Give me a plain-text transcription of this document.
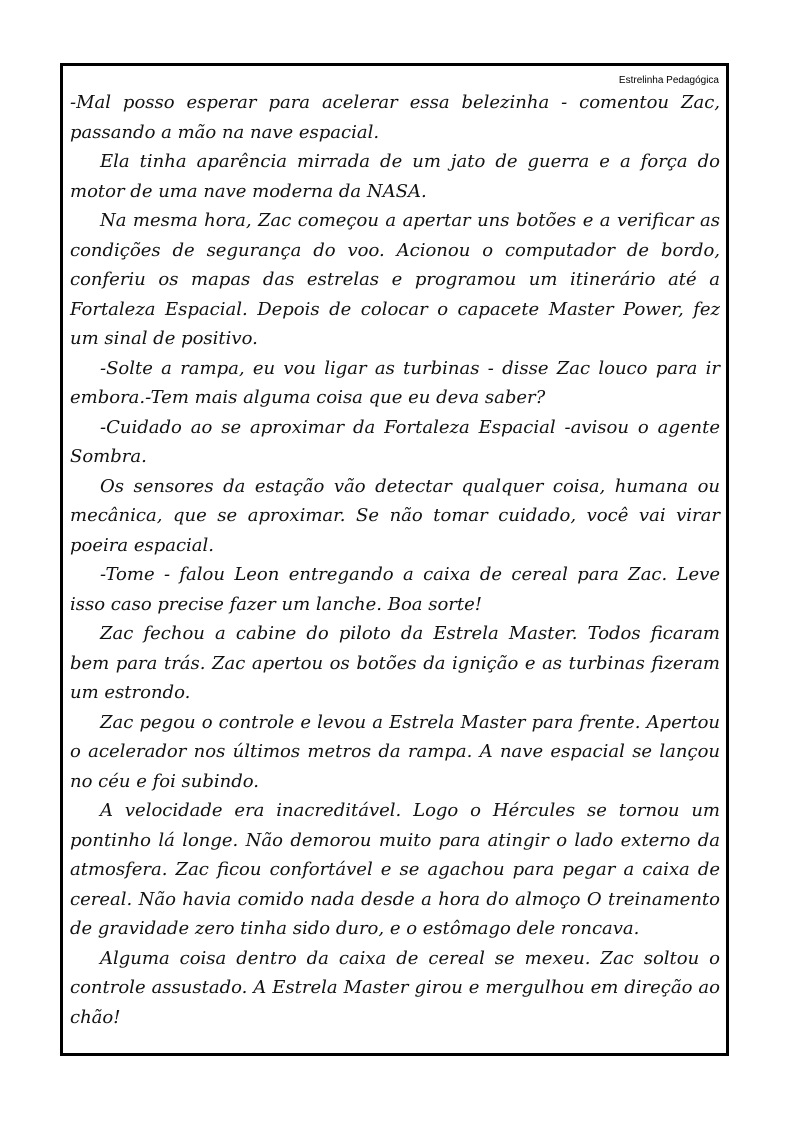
Estrelinha Pedagógica

-Mal posso esperar para acelerar essa belezinha - comentou Zac, passando a mão na nave espacial.

Ela tinha aparência mirrada de um jato de guerra e a força do motor de uma nave moderna da NASA.

Na mesma hora, Zac começou a apertar uns botões e a verificar as condições de segurança do voo. Acionou o computador de bordo, conferiu os mapas das estrelas e programou um itinerário até a Fortaleza Espacial. Depois de colocar o capacete Master Power, fez um sinal de positivo.

-Solte a rampa, eu vou ligar as turbinas - disse Zac louco para ir embora.-Tem mais alguma coisa que eu deva saber?

-Cuidado ao se aproximar da Fortaleza Espacial -avisou o agente Sombra.

Os sensores da estação vão detectar qualquer coisa, humana ou mecânica, que se aproximar. Se não tomar cuidado, você vai virar poeira espacial.

-Tome - falou Leon entregando a caixa de cereal para Zac. Leve isso caso precise fazer um lanche. Boa sorte!

Zac fechou a cabine do piloto da Estrela Master. Todos ficaram bem para trás. Zac apertou os botões da ignição e as turbinas fizeram um estrondo.

Zac pegou o controle e levou a Estrela Master para frente. Apertou o acelerador nos últimos metros da rampa. A nave espacial se lançou no céu e foi subindo.

A velocidade era inacreditável. Logo o Hércules se tornou um pontinho lá longe. Não demorou muito para atingir o lado externo da atmosfera. Zac ficou confortável e se agachou para pegar a caixa de cereal. Não havia comido nada desde a hora do almoço O treinamento de gravidade zero tinha sido duro, e o estômago dele roncava.

Alguma coisa dentro da caixa de cereal se mexeu. Zac soltou o controle assustado. A Estrela Master girou e mergulhou em direção ao chão!
